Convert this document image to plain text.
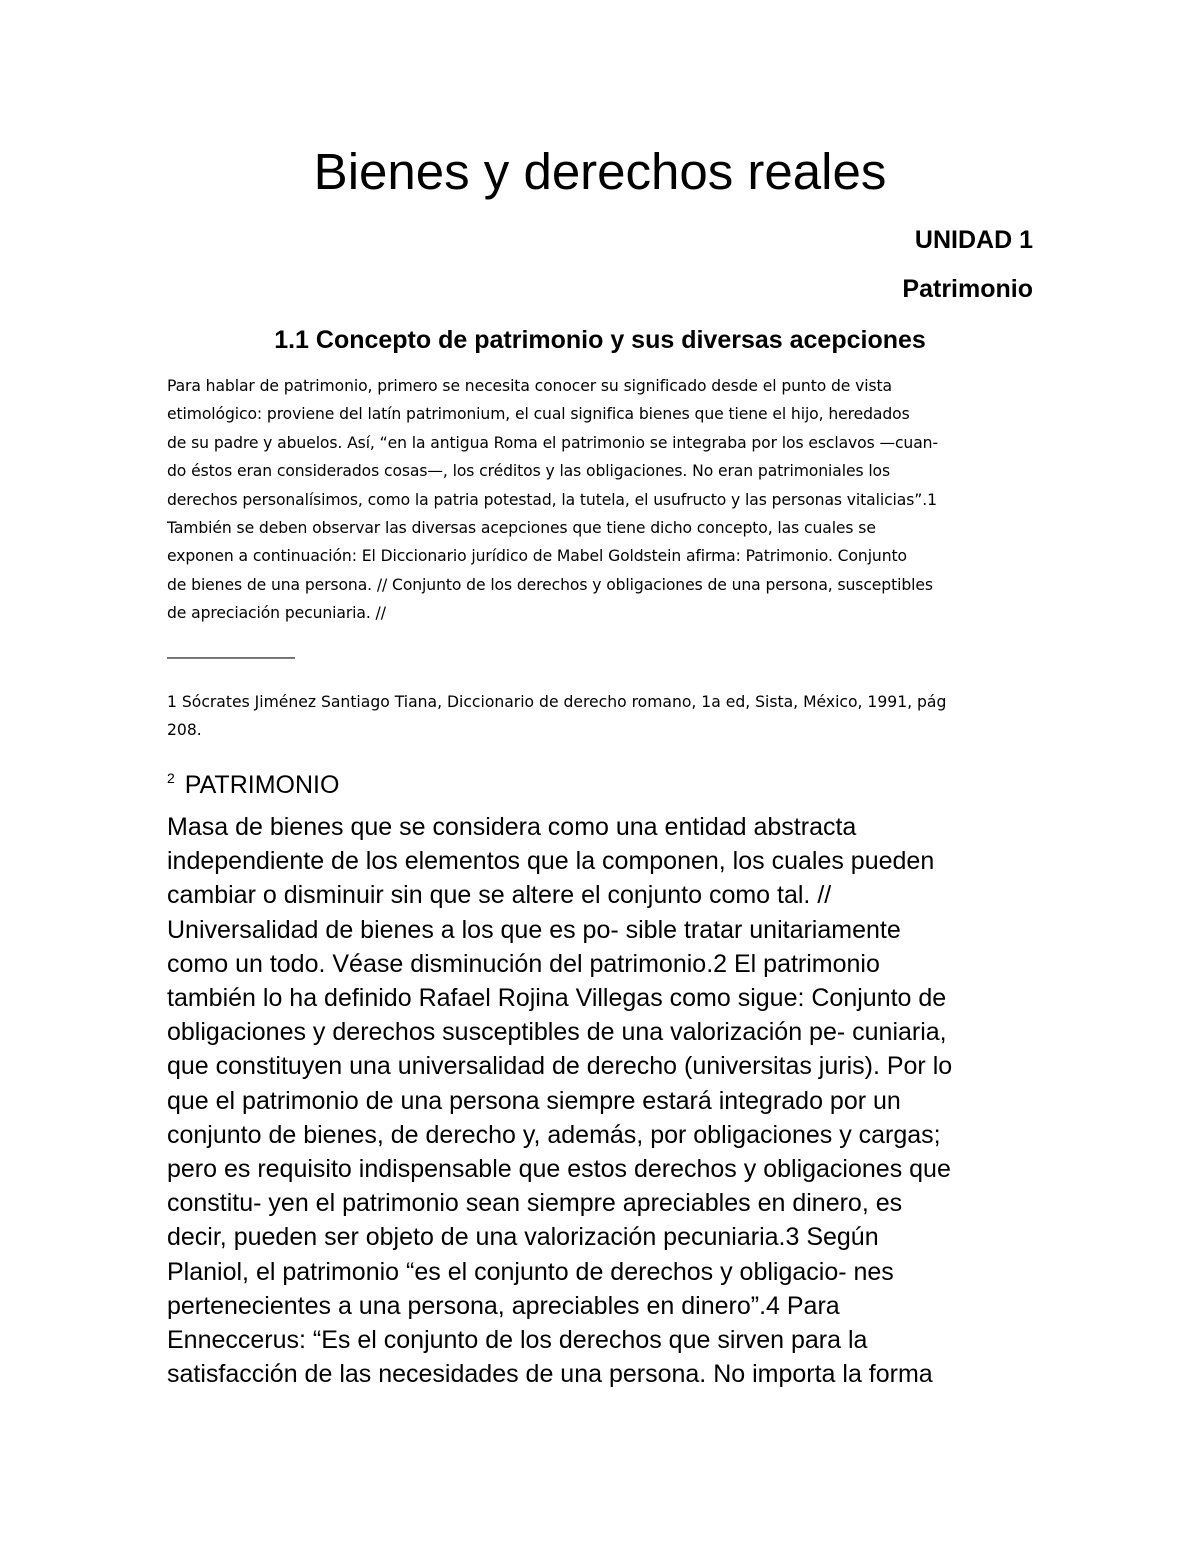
Bienes y derechos reales
UNIDAD 1
Patrimonio
1.1 Concepto de patrimonio y sus diversas acepciones

Para hablar de patrimonio, primero se necesita conocer su significado desde el punto de vista
etimológico: proviene del latín patrimonium, el cual significa bienes que tiene el hijo, heredados
de su padre y abuelos. Así, “en la antigua Roma el patrimonio se integraba por los esclavos —cuan-
do éstos eran considerados cosas—, los créditos y las obligaciones. No eran patrimoniales los
derechos personalísimos, como la patria potestad, la tutela, el usufructo y las personas vitalicias”.1
También se deben observar las diversas acepciones que tiene dicho concepto, las cuales se
exponen a continuación: El Diccionario jurídico de Mabel Goldstein afirma: Patrimonio. Conjunto
de bienes de una persona. // Conjunto de los derechos y obligaciones de una persona, susceptibles
de apreciación pecuniaria. //

————————

1 Sócrates Jiménez Santiago Tiana, Diccionario de derecho romano, 1a ed, Sista, México, 1991, pág
208.

$^2$ PATRIMONIO

Masa de bienes que se considera como una entidad abstracta
independiente de los elementos que la componen, los cuales pueden
cambiar o disminuir sin que se altere el conjunto como tal. //
Universalidad de bienes a los que es po- sible tratar unitariamente
como un todo. Véase disminución del patrimonio.2 El patrimonio
también lo ha definido Rafael Rojina Villegas como sigue: Conjunto de
obligaciones y derechos susceptibles de una valorización pe- cuniaria,
que constituyen una universalidad de derecho (universitas juris). Por lo
que el patrimonio de una persona siempre estará integrado por un
conjunto de bienes, de derecho y, además, por obligaciones y cargas;
pero es requisito indispensable que estos derechos y obligaciones que
constitu- yen el patrimonio sean siempre apreciables en dinero, es
decir, pueden ser objeto de una valorización pecuniaria.3 Según
Planiol, el patrimonio “es el conjunto de derechos y obligacio- nes
pertenecientes a una persona, apreciables en dinero”.4 Para
Enneccerus: “Es el conjunto de los derechos que sirven para la
satisfacción de las necesidades de una persona. No importa la forma
